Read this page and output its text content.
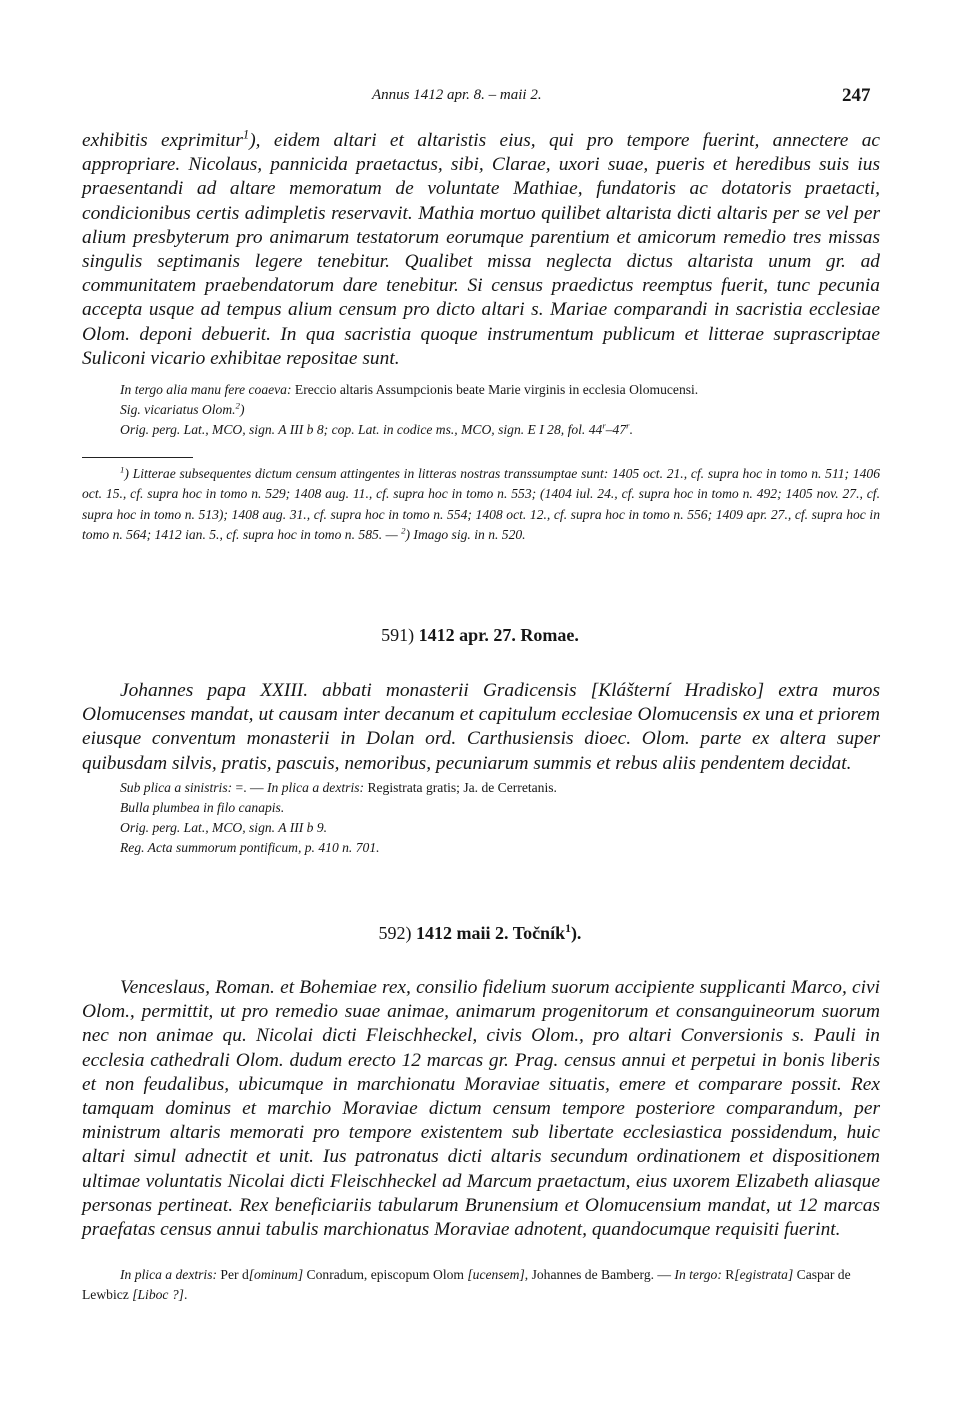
Annus 1412 apr. 8. – maii 2.	247

exhibitis exprimitur$^1$), eidem altari et altaristis eius, qui pro tempore fuerint, annectere ac appropriare. Nicolaus, pannicida praetactus, sibi, Clarae, uxori suae, pueris et heredibus suis ius praesentandi ad altare memoratum de voluntate Mathiae, fundatoris ac dotatoris praetacti, condicionibus certis adimpletis reservavit. Mathia mortuo quilibet altarista dicti altaris per se vel per alium presbyterum pro animarum testatorum eorumque parentium et amicorum remedio tres missas singulis septimanis legere tenebitur. Qualibet missa neglecta dictus altarista unum gr. ad communitatem praebendatorum dare tenebitur. Si census praedictus reemptus fuerit, tunc pecunia accepta usque ad tempus alium censum pro dicto altari s. Mariae comparandi in sacristia ecclesiae Olom. deponi debuerit. In qua sacristia quoque instrumentum publicum et litterae suprascriptae Suliconi vicario exhibitae repositae sunt.

In tergo alia manu fere coaeva: Ereccio altaris Assumpcionis beate Marie virginis in ecclesia Olomucensi.
Sig. vicariatus Olom.$^2$)
Orig. perg. Lat., MCO, sign. A III b 8; cop. Lat. in codice ms., MCO, sign. E I 28, fol. 44$^r$–47$^r$.
$^1$) Litterae subsequentes dictum censum attingentes in litteras nostras transsumptae sunt: 1405 oct. 21., cf. supra hoc in tomo n. 511; 1406 oct. 15., cf. supra hoc in tomo n. 529; 1408 aug. 11., cf. supra hoc in tomo n. 553; (1404 iul. 24., cf. supra hoc in tomo n. 492; 1405 nov. 27., cf. supra hoc in tomo n. 513); 1408 aug. 31., cf. supra hoc in tomo n. 554; 1408 oct. 12., cf. supra hoc in tomo n. 556; 1409 apr. 27., cf. supra hoc in tomo n. 564; 1412 ian. 5., cf. supra hoc in tomo n. 585. — $^2$) Imago sig. in n. 520.
591) 1412 apr. 27. Romae.

Johannes papa XXIII. abbati monasterii Gradicensis [Klášterní Hradisko] extra muros Olomucenses mandat, ut causam inter decanum et capitulum ecclesiae Olomucensis ex una et priorem eiusque conventum monasterii in Dolan ord. Carthusiensis dioec. Olom. parte ex altera super quibusdam silvis, pratis, pascuis, nemoribus, pecuniarum summis et rebus aliis pendentem decidat.

Sub plica a sinistris: =. — In plica a dextris: Registrata gratis; Ja. de Cerretanis.
Bulla plumbea in filo canapis.
Orig. perg. Lat., MCO, sign. A III b 9.
Reg. Acta summorum pontificum, p. 410 n. 701.
592) 1412 maii 2. Točník$^1$).

Venceslaus, Roman. et Bohemiae rex, consilio fidelium suorum accipiente supplicanti Marco, civi Olom., permittit, ut pro remedio suae animae, animarum progenitorum et consanguineorum suorum nec non animae qu. Nicolai dicti Fleischheckel, civis Olom., pro altari Conversionis s. Pauli in ecclesia cathedrali Olom. dudum erecto 12 marcas gr. Prag. census annui et perpetui in bonis liberis et non feudalibus, ubicumque in marchionatu Moraviae situatis, emere et comparare possit. Rex tamquam dominus et marchio Moraviae dictum censum tempore posteriore comparandum, per ministrum altaris memorati pro tempore existentem sub libertate ecclesiastica possidendum, huic altari simul adnectit et unit. Ius patronatus dicti altaris secundum ordinationem et dispositionem ultimae voluntatis Nicolai dicti Fleischheckel ad Marcum praetactum, eius uxorem Elizabeth aliasque personas pertineat. Rex beneficiariis tabularum Brunensium et Olomucensium mandat, ut 12 marcas praefatas census annui tabulis marchionatus Moraviae adnotent, quandocumque requisiti fuerint.

In plica a dextris: Per d[ominum] Conradum, episcopum Olom [ucensem], Johannes de Bamberg. — In tergo: R[egistrata] Caspar de Lewbicz [Liboc ?].
